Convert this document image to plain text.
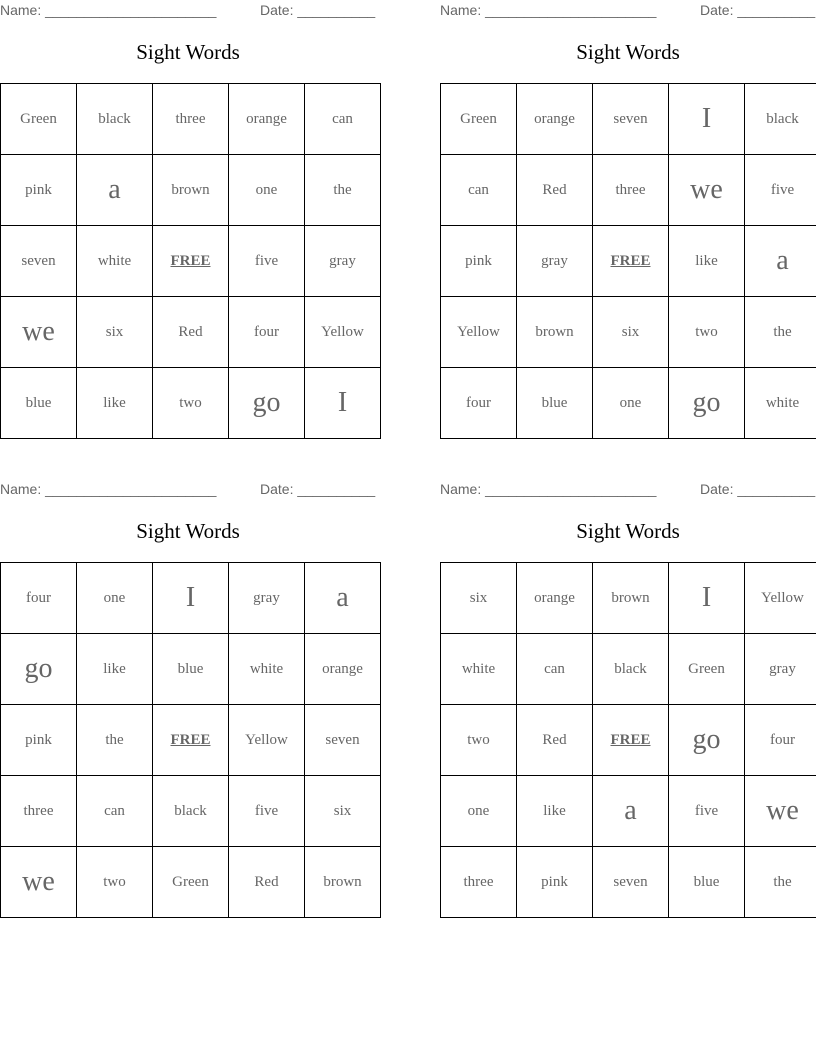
Name: ______________________	Date: __________
Sight Words
Green	black	three	orange	can
pink	a	brown	one	the
seven	white	FREE	five	gray
we	six	Red	four	Yellow
blue	like	two	go	I
Name: ______________________	Date: __________
Sight Words
Green	orange	seven	I	black
can	Red	three	we	five
pink	gray	FREE	like	a
Yellow	brown	six	two	the
four	blue	one	go	white
Name: ______________________	Date: __________
Sight Words
four	one	I	gray	a
go	like	blue	white	orange
pink	the	FREE	Yellow	seven
three	can	black	five	six
we	two	Green	Red	brown
Name: ______________________	Date: __________
Sight Words
six	orange	brown	I	Yellow
white	can	black	Green	gray
two	Red	FREE	go	four
one	like	a	five	we
three	pink	seven	blue	the
